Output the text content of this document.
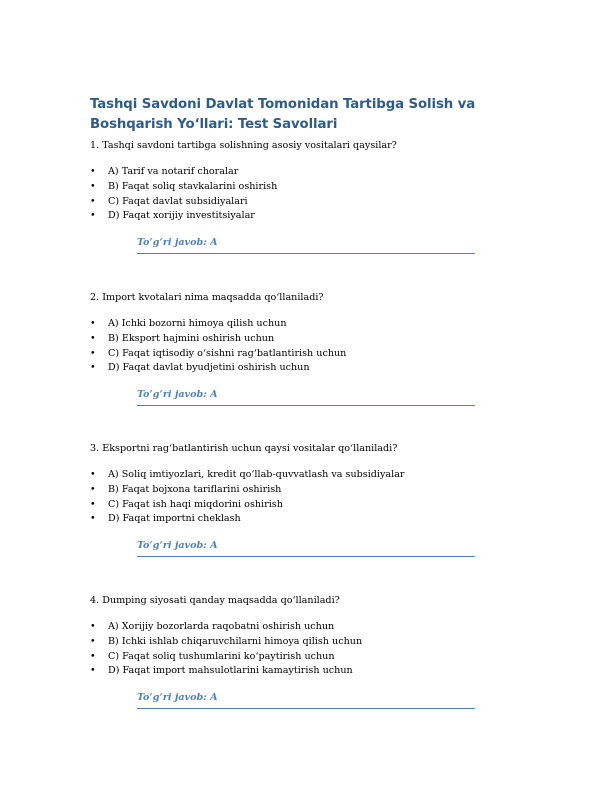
Tashqi Savdoni Davlat Tomonidan Tartibga Solish va Boshqarish Yo‘llari: Test Savollari
1. Tashqi savdoni tartibga solishning asosiy vositalari qaysilar?
• A) Tarif va notarif choralar
• B) Faqat soliq stavkalarini oshirish
• C) Faqat davlat subsidiyalari
• D) Faqat xorijiy investitsiyalar
To‘g‘ri javob: A
2. Import kvotalari nima maqsadda qo‘llaniladi?
• A) Ichki bozorni himoya qilish uchun
• B) Eksport hajmini oshirish uchun
• C) Faqat iqtisodiy o‘sishni rag‘batlantirish uchun
• D) Faqat davlat byudjetini oshirish uchun
To‘g‘ri javob: A
3. Eksportni rag‘batlantirish uchun qaysi vositalar qo‘llaniladi?
• A) Soliq imtiyozlari, kredit qo‘llab-quvvatlash va subsidiyalar
• B) Faqat bojxona tariflarini oshirish
• C) Faqat ish haqi miqdorini oshirish
• D) Faqat importni cheklash
To‘g‘ri javob: A
4. Dumping siyosati qanday maqsadda qo‘llaniladi?
• A) Xorijiy bozorlarda raqobatni oshirish uchun
• B) Ichki ishlab chiqaruvchilarni himoya qilish uchun
• C) Faqat soliq tushumlarini ko‘paytirish uchun
• D) Faqat import mahsulotlarini kamaytirish uchun
To‘g‘ri javob: A
